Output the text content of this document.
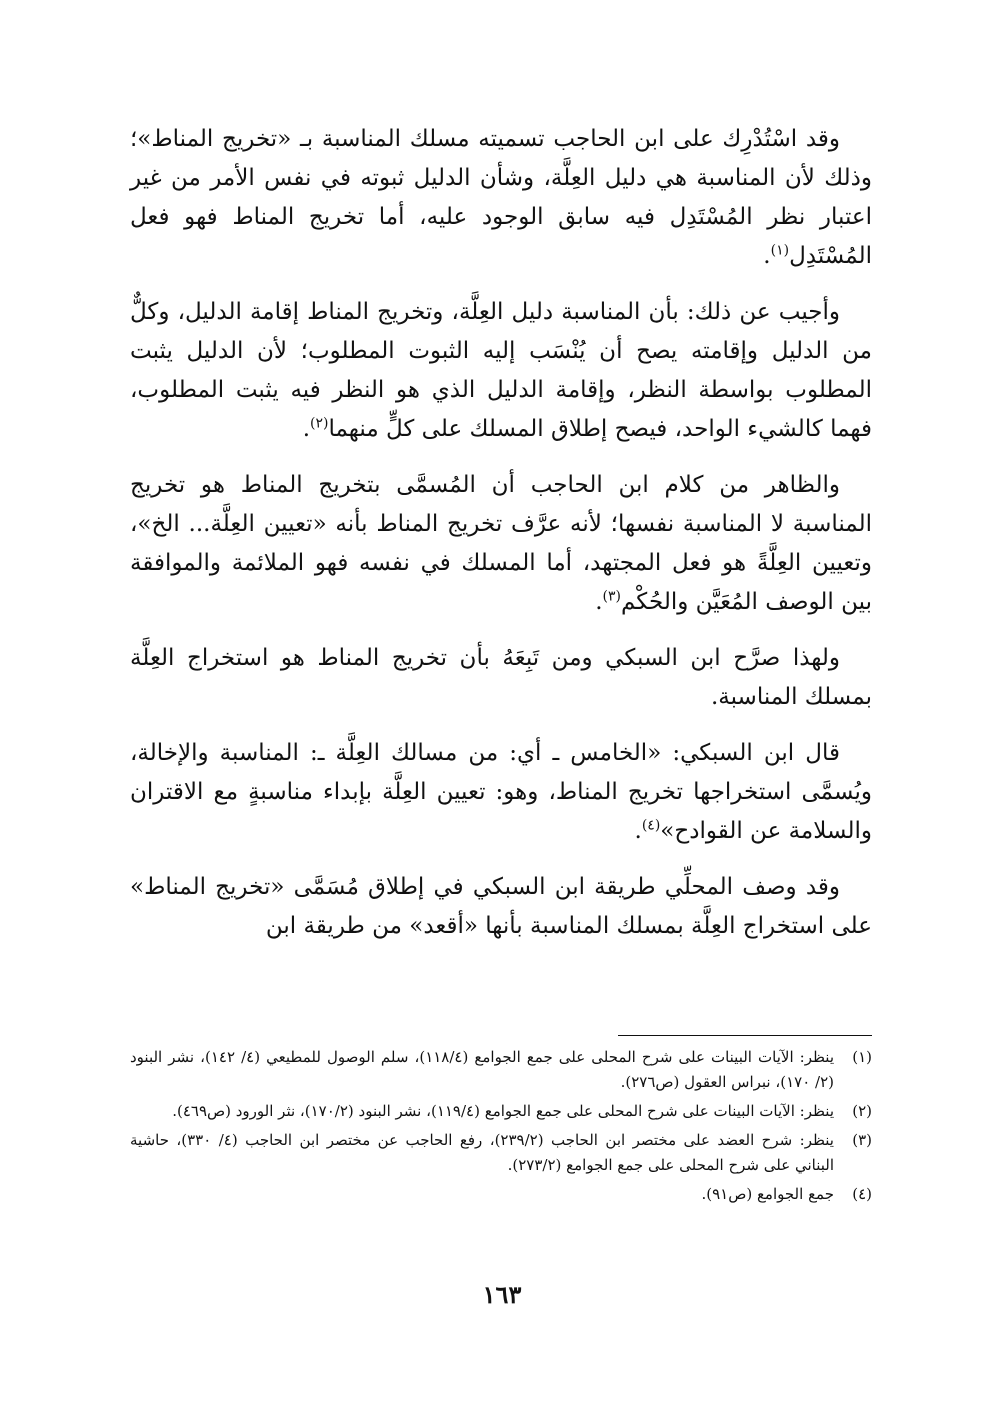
وقد اسْتُدْرِك على ابن الحاجب تسميته مسلك المناسبة بـ «تخريج المناط»؛ وذلك لأن المناسبة هي دليل العِلَّة، وشأن الدليل ثبوته في نفس الأمر من غير اعتبار نظر المُسْتَدِل فيه سابق الوجود عليه، أما تخريج المناط فهو فعل المُسْتَدِل$^{(١)}$.

وأجيب عن ذلك: بأن المناسبة دليل العِلَّة، وتخريج المناط إقامة الدليل، وكلٌّ من الدليل وإقامته يصح أن يُنْسَب إليه الثبوت المطلوب؛ لأن الدليل يثبت المطلوب بواسطة النظر، وإقامة الدليل الذي هو النظر فيه يثبت المطلوب، فهما كالشيء الواحد، فيصح إطلاق المسلك على كلٍّ منهما$^{(٢)}$.

والظاهر من كلام ابن الحاجب أن المُسمَّى بتخريج المناط هو تخريج المناسبة لا المناسبة نفسها؛ لأنه عرَّف تخريج المناط بأنه «تعيين العِلَّة... الخ»، وتعيين العِلَّةً هو فعل المجتهد، أما المسلك في نفسه فهو الملائمة والموافقة بين الوصف المُعَيَّن والحُكْم$^{(٣)}$.

ولهذا صرَّح ابن السبكي ومن تَبِعَهُ بأن تخريج المناط هو استخراج العِلَّة بمسلك المناسبة.

قال ابن السبكي: «الخامس ـ أي: من مسالك العِلَّة ـ: المناسبة والإخالة، ويُسمَّى استخراجها تخريج المناط، وهو: تعيين العِلَّة بإبداء مناسبةٍ مع الاقتران والسلامة عن القوادح»$^{(٤)}$.

وقد وصف المحلِّي طريقة ابن السبكي في إطلاق مُسَمَّى «تخريج المناط» على استخراج العِلَّة بمسلك المناسبة بأنها «أقعد» من طريقة ابن

(١)
ينظر: الآيات البينات على شرح المحلى على جمع الجوامع (١١٨/٤)، سلم الوصول للمطيعي (٤/ ١٤٢)، نشر البنود (٢/ ١٧٠)، نبراس العقول (ص٢٧٦).
(٢)
ينظر: الآيات البينات على شرح المحلى على جمع الجوامع (١١٩/٤)، نشر البنود (١٧٠/٢)، نثر الورود (ص٤٦٩).
(٣)
ينظر: شرح العضد على مختصر ابن الحاجب (٢٣٩/٢)، رفع الحاجب عن مختصر ابن الحاجب (٤/ ٣٣٠)، حاشية البناني على شرح المحلى على جمع الجوامع (٢٧٣/٢).
(٤)
جمع الجوامع (ص٩١).
١٦٣
